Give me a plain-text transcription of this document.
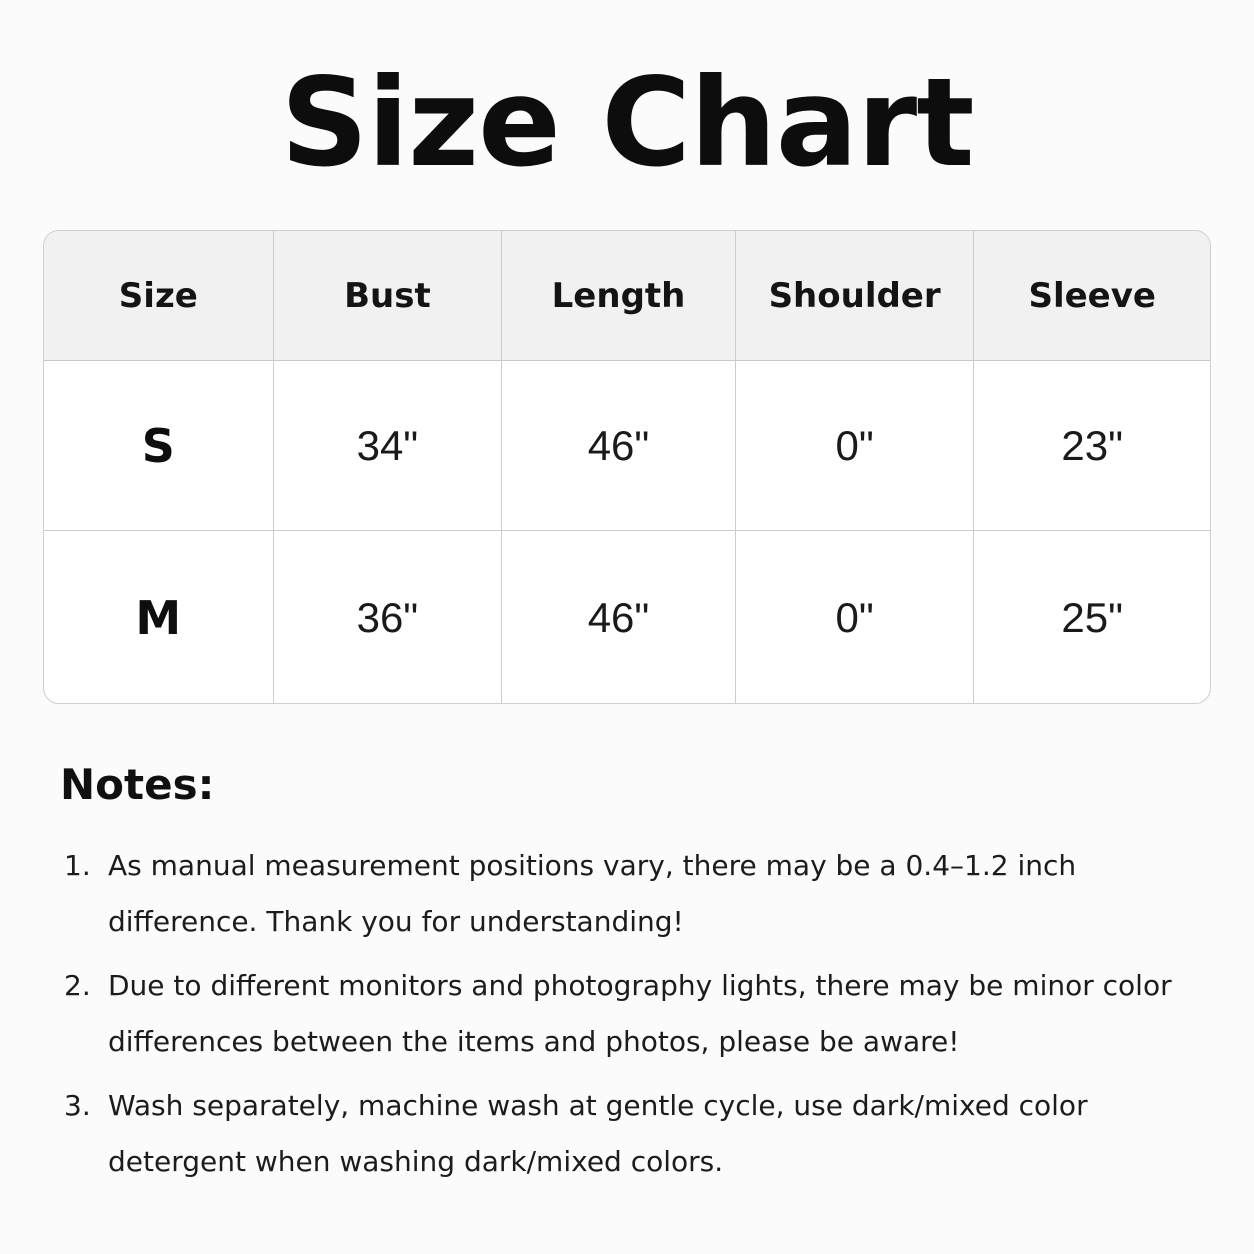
Size Chart
Size	Bust	Length	Shoulder	Sleeve
S	34"	46"	0"	23"
M	36"	46"	0"	25"
Notes:
1. As manual measurement positions vary, there may be a 0.4–1.2 inch difference. Thank you for understanding!
2. Due to different monitors and photography lights, there may be minor color differences between the items and photos, please be aware!
3. Wash separately, machine wash at gentle cycle, use dark/mixed color detergent when washing dark/mixed colors.
